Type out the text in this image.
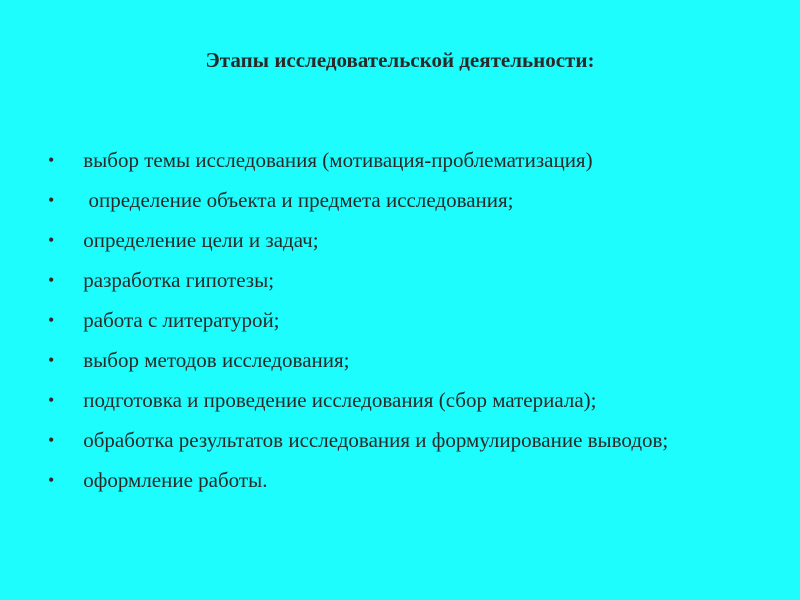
Этапы исследовательской деятельности:
•	выбор темы исследования (мотивация-проблематизация)
•	определение объекта и предмета исследования;
•	определение цели и задач;
•	разработка гипотезы;
•	работа с литературой;
•	выбор методов исследования;
•	подготовка и проведение исследования (сбор материала);
•	обработка результатов исследования и формулирование выводов;
•	оформление работы.
